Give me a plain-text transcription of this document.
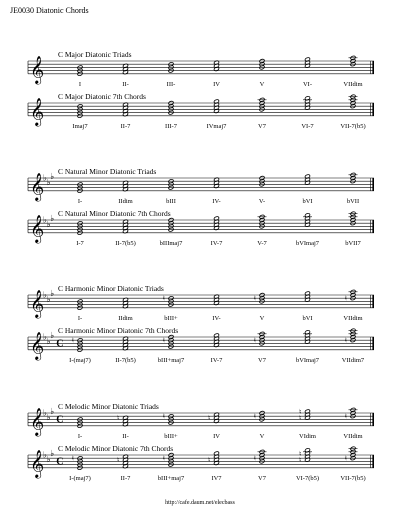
JE0030 Diatonic Chords
𝄞
C Major Diatonic Triads
I	II-	III-	IV	V	VI-	VIIdim
𝄞
C Major Diatonic 7th Chords
Imaj7	II-7	III-7	IVmaj7	V7	VI-7	VII-7(b5)
𝄞
♭ ♭
♭
C Natural Minor Diatonic Triads
I-	IIdim	bIII	IV-	V-	bVI	bVII
𝄞
♭ ♭
♭
C Natural Minor Diatonic 7th Chords
I-7	II-7(b5)	bIIImaj7	IV-7	V-7	bVImaj7	bVII7
𝄞
♭ ♭
♭
C Harmonic Minor Diatonic Triads
I-	IIdim
♮
bIII+	IV-
♮
V	bVI
♮
VIIdim
𝄞
♭ ♭
♭
C
C Harmonic Minor Diatonic 7th Chords
♮
I-(maj7)	II-7(b5)
♮
bIII+maj7	IV-7
♮
V7	bVImaj7
♮
VIIdim7
𝄞
♭ ♭
♭
C
C Melodic Minor Diatonic Triads
I-
♮
II-
♮
bIII+
♮
IV
♮
V
♮
♮
VIdim
♮
VIIdim
𝄞
♭ ♭
♭
C
C Melodic Minor Diatonic 7th Chords
♮
I-(maj7)
♮
II-7
♮
bIII+maj7
♮
IV7
♮
V7
♮
♮
VI-7(b5)
♮
VII-7(b5)
http://cafe.daum.net/elecbass
